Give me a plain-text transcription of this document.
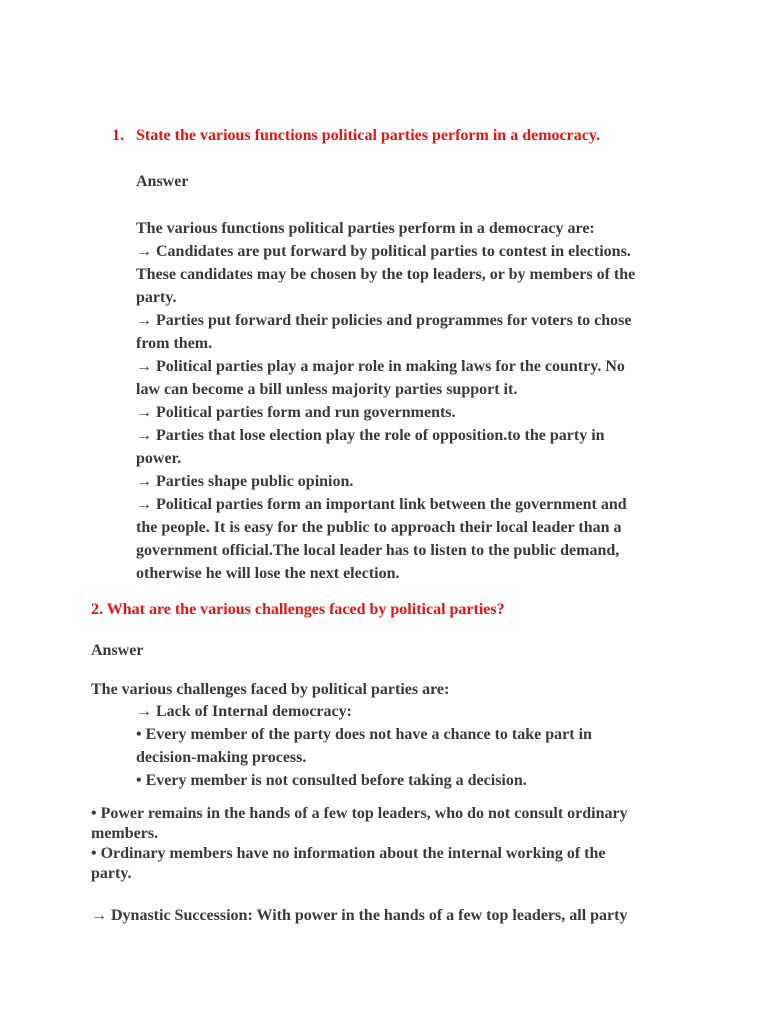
1. State the various functions political parties perform in a democracy.
Answer
The various functions political parties perform in a democracy are:
→ Candidates are put forward by political parties to contest in elections.
These candidates may be chosen by the top leaders, or by members of the
party.
→ Parties put forward their policies and programmes for voters to chose
from them.
→ Political parties play a major role in making laws for the country. No
law can become a bill unless majority parties support it.
→ Political parties form and run governments.
→ Parties that lose election play the role of opposition.to the party in
power.
→ Parties shape public opinion.
→ Political parties form an important link between the government and
the people. It is easy for the public to approach their local leader than a
government official.The local leader has to listen to the public demand,
otherwise he will lose the next election.
2. What are the various challenges faced by political parties?
Answer
The various challenges faced by political parties are:
→ Lack of Internal democracy:
• Every member of the party does not have a chance to take part in
decision-making process.
• Every member is not consulted before taking a decision.
• Power remains in the hands of a few top leaders, who do not consult ordinary
members.
• Ordinary members have no information about the internal working of the
party.
→ Dynastic Succession: With power in the hands of a few top leaders, all party
